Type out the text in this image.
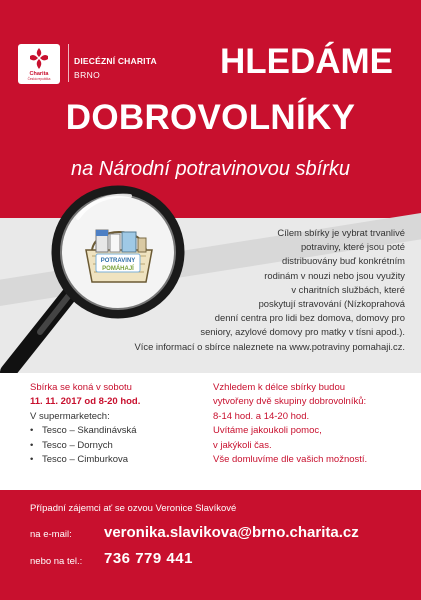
Charita
Česká republika
DIECÉZNÍ CHARITA
BRNO	HLEDÁME
DOBROVOLNÍKY
na Národní potravinovou sbírku
POTRAVINY
POMÁHAJÍ
Cílem sbírky je vybrat trvanlivé
potraviny, které jsou poté
distribuovány buď konkrétním
rodinám v nouzi nebo jsou využity
v charitních službách, které
poskytují stravování (Nízkoprahová
denní centra pro lidi bez domova, domovy pro
seniory, azylové domovy pro matky v tísni apod.).
Více informací o sbírce naleznete na www.potraviny pomahaji.cz.
Sbírka se koná v sobotu
11. 11. 2017 od 8-20 hod.
V supermarketech:
• Tesco – Skandinávská
• Tesco – Dornych
• Tesco – Cimburkova
Vzhledem k délce sbírky budou
vytvořeny dvě skupiny dobrovolníků:
8-14 hod. a 14-20 hod.
Uvítáme jakoukoli pomoc,
v jakýkoli čas.
Vše domluvíme dle vašich možností.
Případní zájemci ať se ozvou Veronice Slavíkové
na e-mail: veronika.slavikova@brno.charita.cz
nebo na tel.: 736 779 441
